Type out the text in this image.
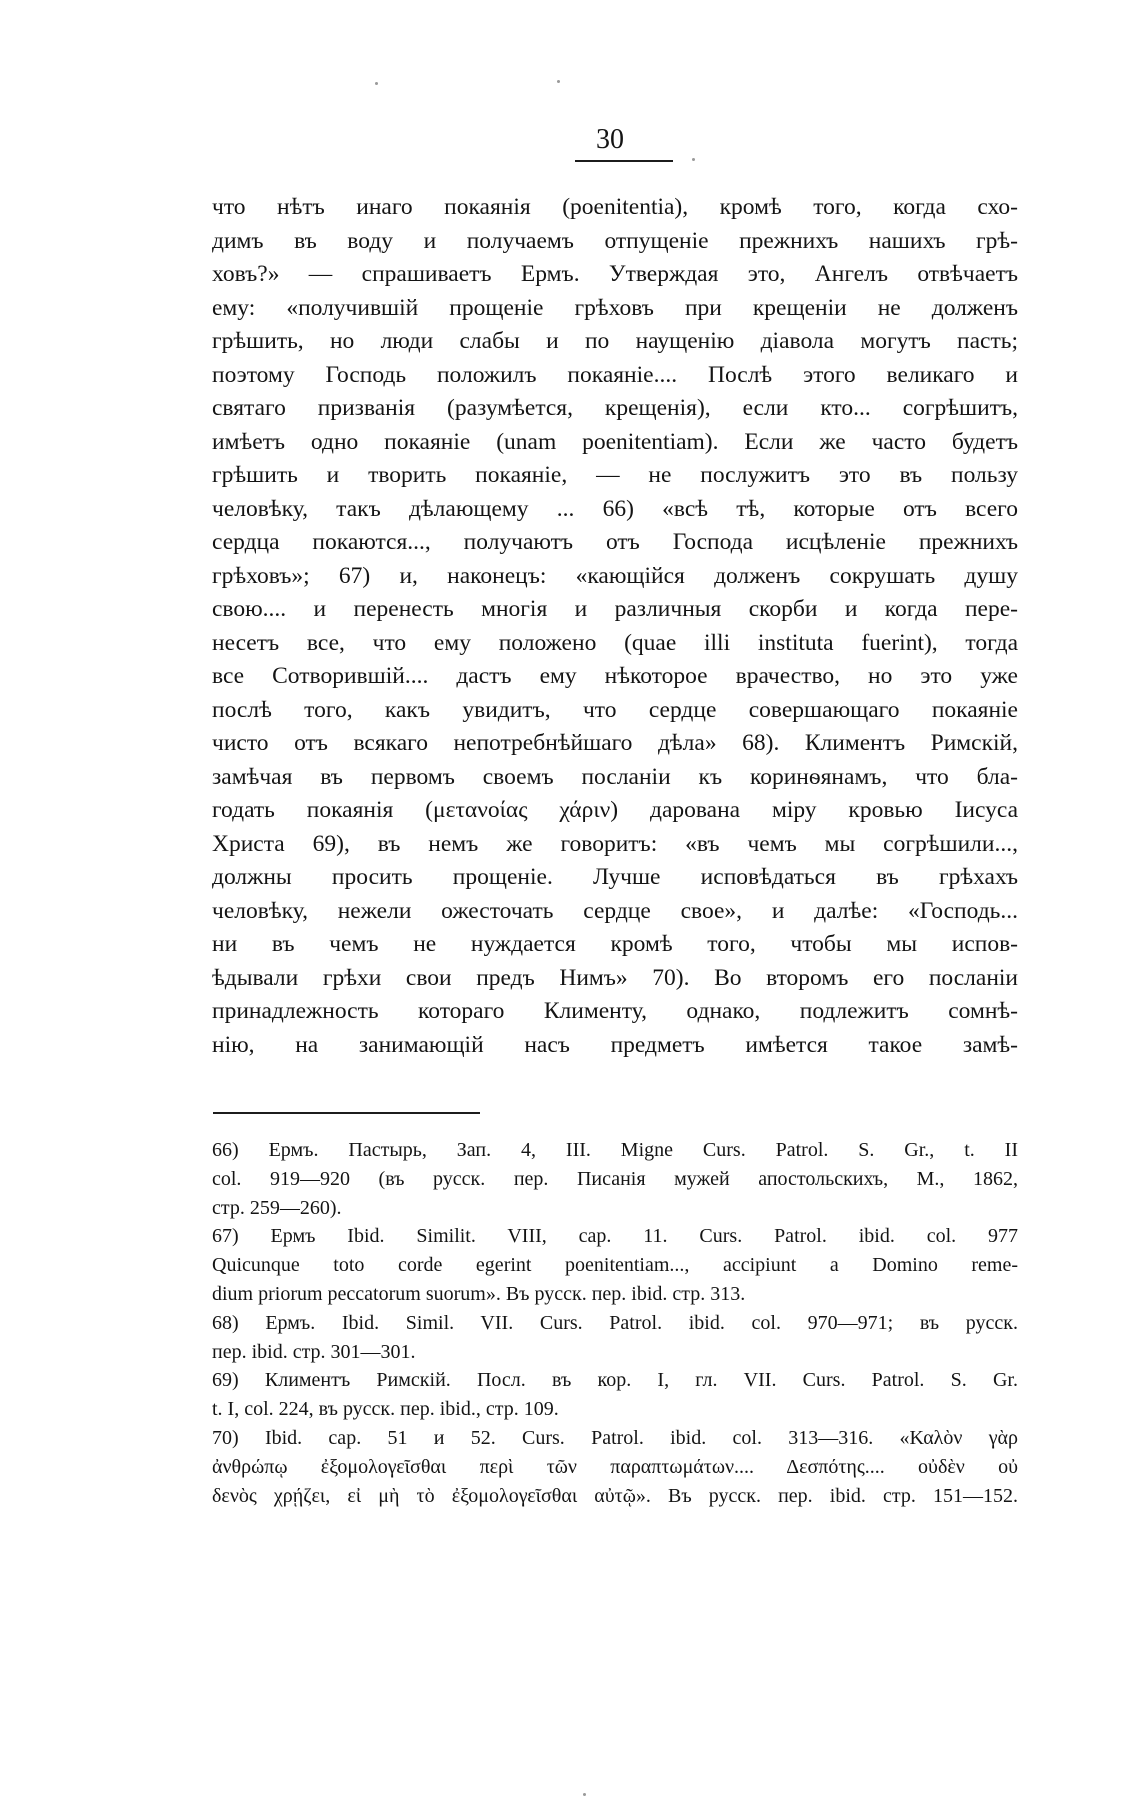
30
что нѣтъ инаго покаянія (poenitentia), кромѣ того, когда схо-
димъ въ воду и получаемъ отпущеніе прежнихъ нашихъ грѣ-
ховъ?» — спрашиваетъ Ермъ. Утверждая это, Ангелъ отвѣчаетъ
ему: «получившій прощеніе грѣховъ при крещеніи не долженъ
грѣшить, но люди слабы и по наущенію діавола могутъ пасть;
поэтому Господь положилъ покаяніе.... Послѣ этого великаго и
святаго призванія (разумѣется, крещенія), если кто... согрѣшитъ,
имѣетъ одно покаяніе (unam poenitentiam). Если же часто будетъ
грѣшить и творить покаяніе, — не послужитъ это въ пользу
человѣку, такъ дѣлающему ... 66) «всѣ тѣ, которые отъ всего
сердца покаются..., получаютъ отъ Господа исцѣленіе прежнихъ
грѣховъ»; 67) и, наконецъ: «кающійся долженъ сокрушать душу
свою.... и перенесть многія и различныя скорби и когда пере-
несетъ все, что ему положено (quae illi instituta fuerint), тогда
все Сотворившій.... дастъ ему нѣкоторое врачество, но это уже
послѣ того, какъ увидитъ, что сердце совершающаго покаяніе
чисто отъ всякаго непотребнѣйшаго дѣла» 68). Климентъ Римскій,
замѣчая въ первомъ своемъ посланіи къ коринѳянамъ, что бла-
годать покаянія (μετανοίας χάριν) дарована міру кровью Іисуса
Христа 69), въ немъ же говоритъ: «въ чемъ мы согрѣшили...,
должны просить прощеніе. Лучше исповѣдаться въ грѣхахъ
человѣку, нежели ожесточать сердце свое», и далѣе: «Господь...
ни въ чемъ не нуждается кромѣ того, чтобы мы испов-
ѣдывали грѣхи свои предъ Нимъ» 70). Во второмъ его посланіи
принадлежность котораго Клименту, однако, подлежитъ сомнѣ-
нію, на занимающій насъ предметъ имѣется такое замѣ-
66) Ермъ. Пастырь, Зап. 4, III. Migne Curs. Patrol. S. Gr., t. II
col. 919—920 (въ русск. пер. Писанія мужей апостольскихъ, М., 1862,
стр. 259—260).
67) Ермъ Ibid. Similit. VIII, cap. 11. Curs. Patrol. ibid. col. 977
Quicunque toto corde egerint poenitentiam..., accipiunt a Domino reme-
dium priorum peccatorum suorum». Въ русск. пер. ibid. стр. 313.
68) Ермъ. Ibid. Simil. VII. Curs. Patrol. ibid. col. 970—971; въ русск.
пер. ibid. стр. 301—301.
69) Климентъ Римскій. Посл. въ кор. I, гл. VII. Curs. Patrol. S. Gr.
t. I, col. 224, въ русск. пер. ibid., стр. 109.
70) Ibid. cap. 51 и 52. Curs. Patrol. ibid. col. 313—316. «Καλὸν γὰρ
ἀνθρώπῳ ἐξομολογεῖσθαι περὶ τῶν παραπτωμάτων.... Δεσπότης.... οὐδὲν οὐ
δενὸς χρῄζει, εἰ μὴ τὸ ἐξομολογεῖσθαι αὐτῷ». Въ русск. пер. ibid. стр. 151—152.
